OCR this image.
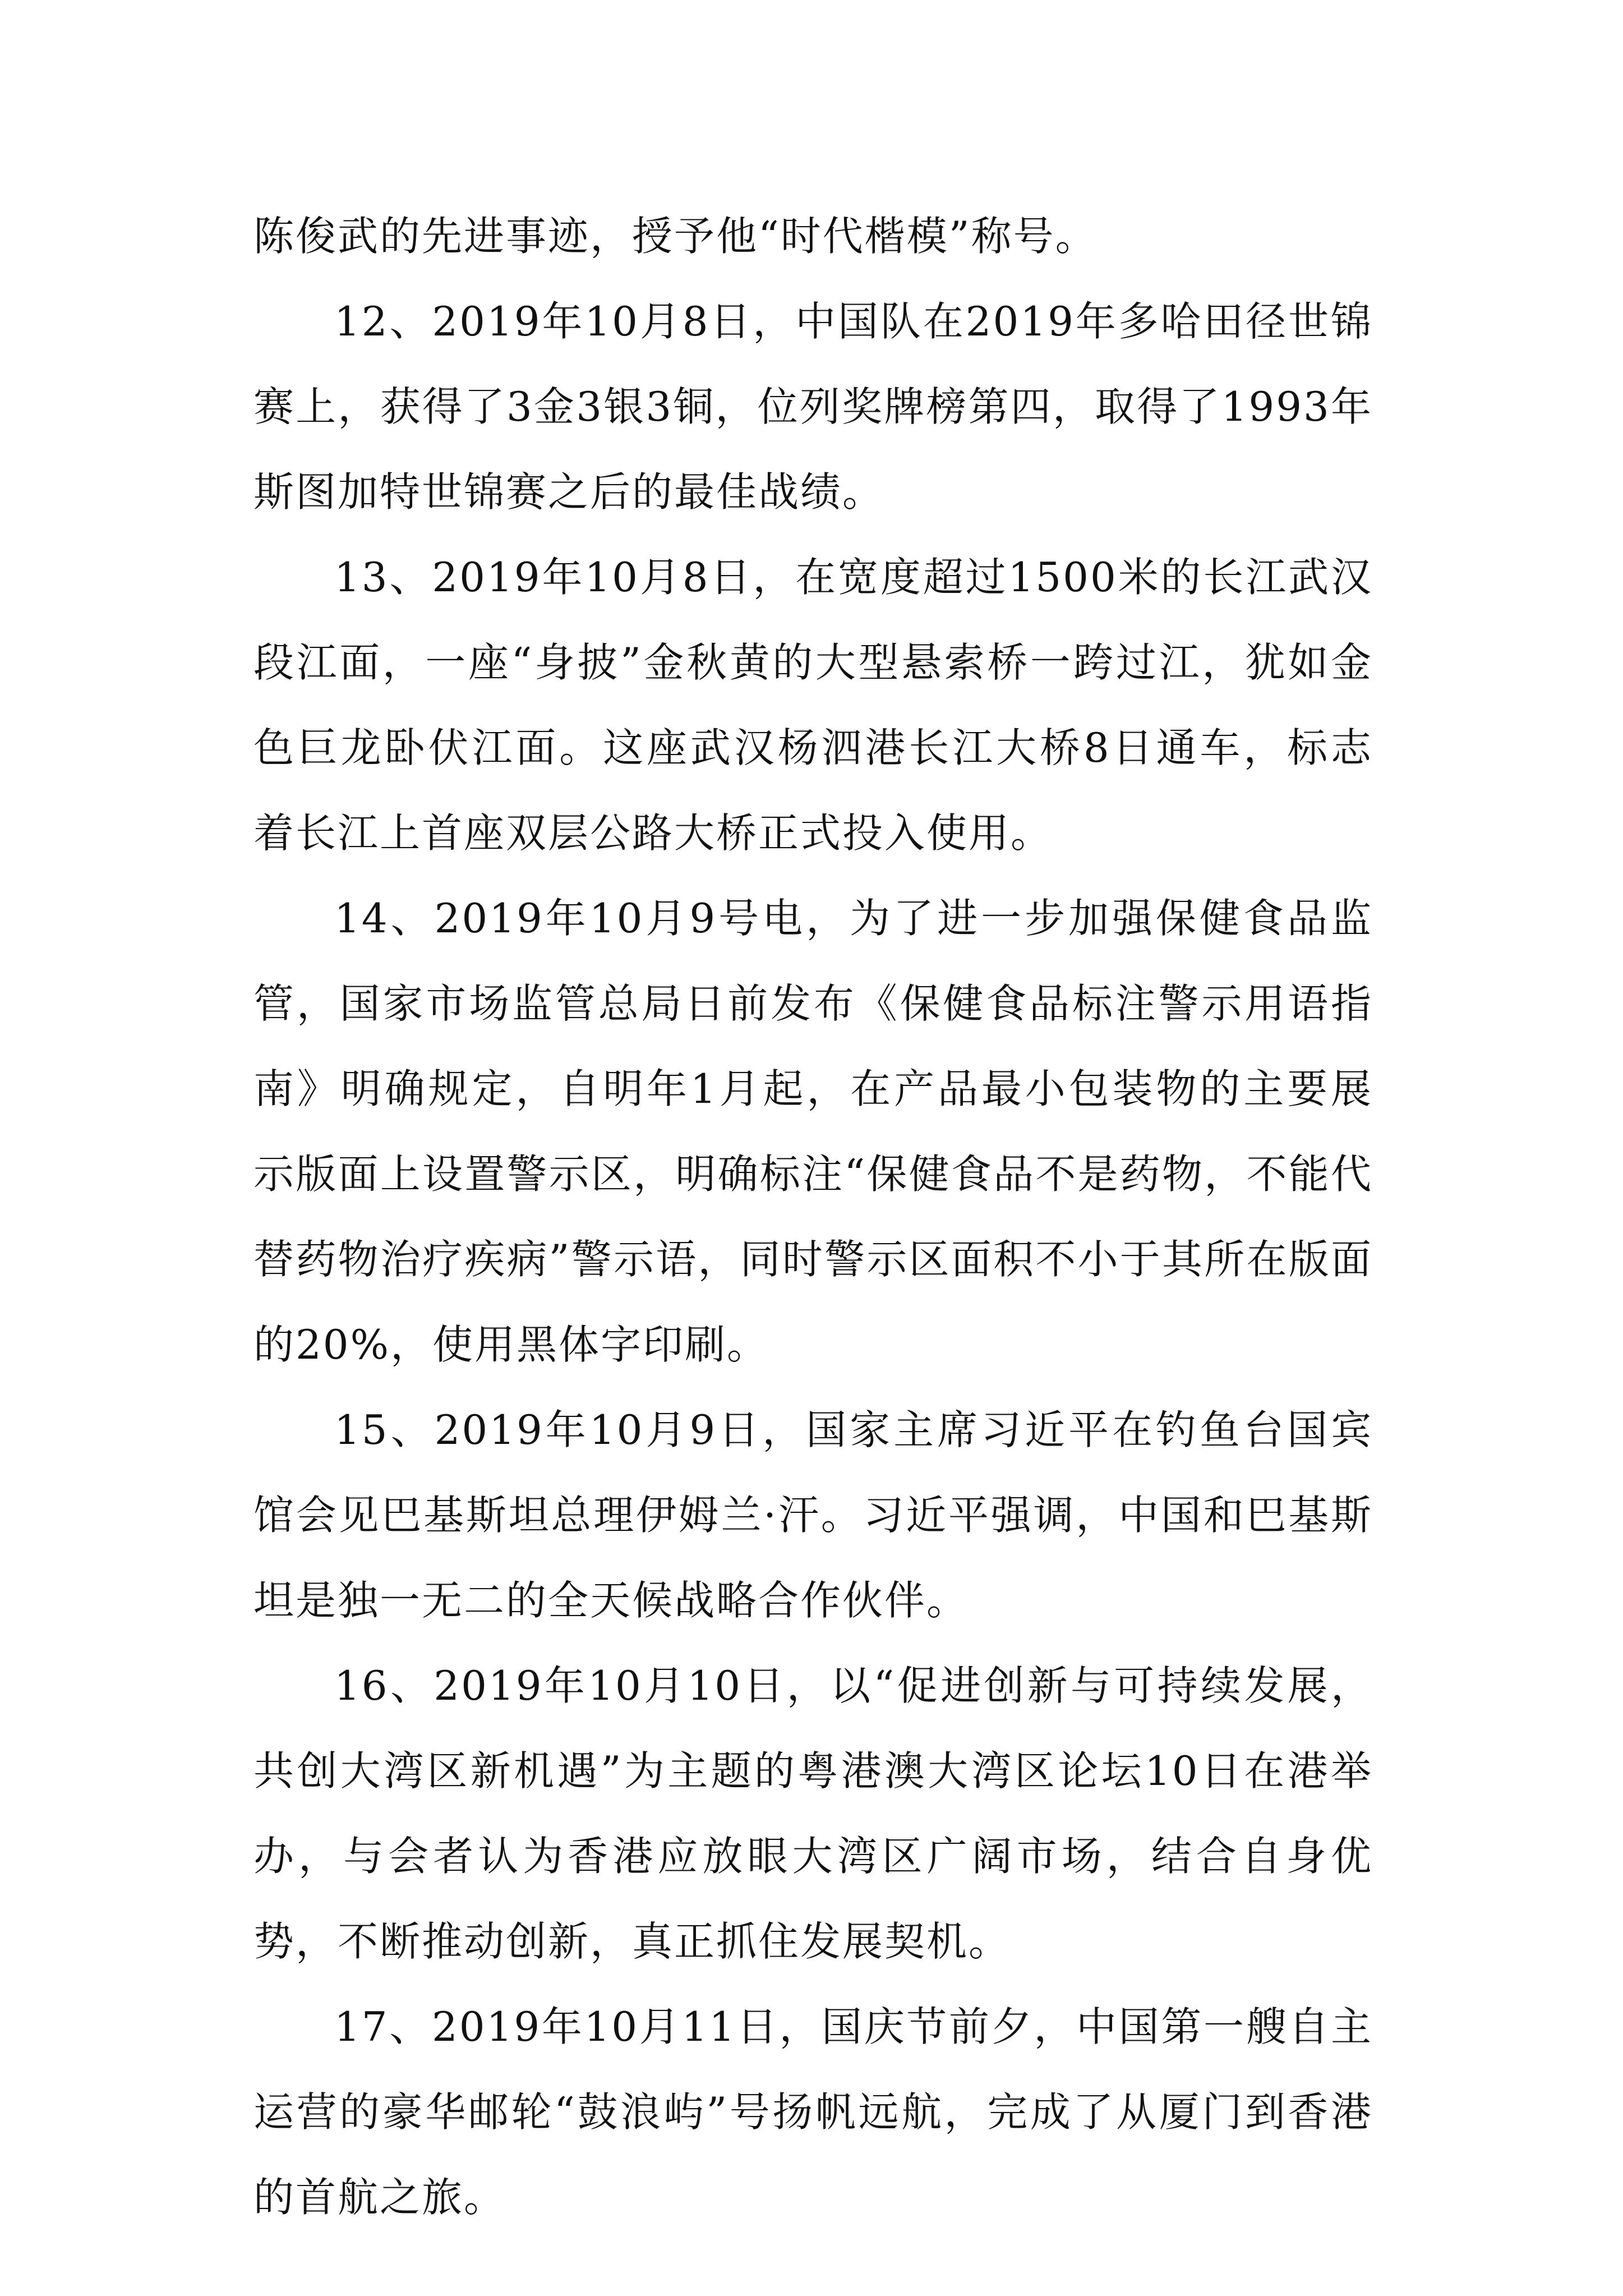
陈俊武的先进事迹，授予他“时代楷模”称号。

12、2019年10月8日，中国队在2019年多哈田径世锦赛上，获得了3金3银3铜，位列奖牌榜第四，取得了1993年斯图加特世锦赛之后的最佳战绩。

13、2019年10月8日，在宽度超过1500米的长江武汉段江面，一座“身披”金秋黄的大型悬索桥一跨过江，犹如金色巨龙卧伏江面。这座武汉杨泗港长江大桥8日通车，标志着长江上首座双层公路大桥正式投入使用。

14、2019年10月9号电，为了进一步加强保健食品监管，国家市场监管总局日前发布《保健食品标注警示用语指南》明确规定，自明年1月起，在产品最小包装物的主要展示版面上设置警示区，明确标注“保健食品不是药物，不能代替药物治疗疾病”警示语，同时警示区面积不小于其所在版面的20%，使用黑体字印刷。

15、2019年10月9日，国家主席习近平在钓鱼台国宾馆会见巴基斯坦总理伊姆兰·汗。习近平强调，中国和巴基斯坦是独一无二的全天候战略合作伙伴。

16、2019年10月10日，以“促进创新与可持续发展，共创大湾区新机遇”为主题的粤港澳大湾区论坛10日在港举办，与会者认为香港应放眼大湾区广阔市场，结合自身优势，不断推动创新，真正抓住发展契机。

17、2019年10月11日，国庆节前夕，中国第一艘自主运营的豪华邮轮“鼓浪屿”号扬帆远航，完成了从厦门到香港的首航之旅。
